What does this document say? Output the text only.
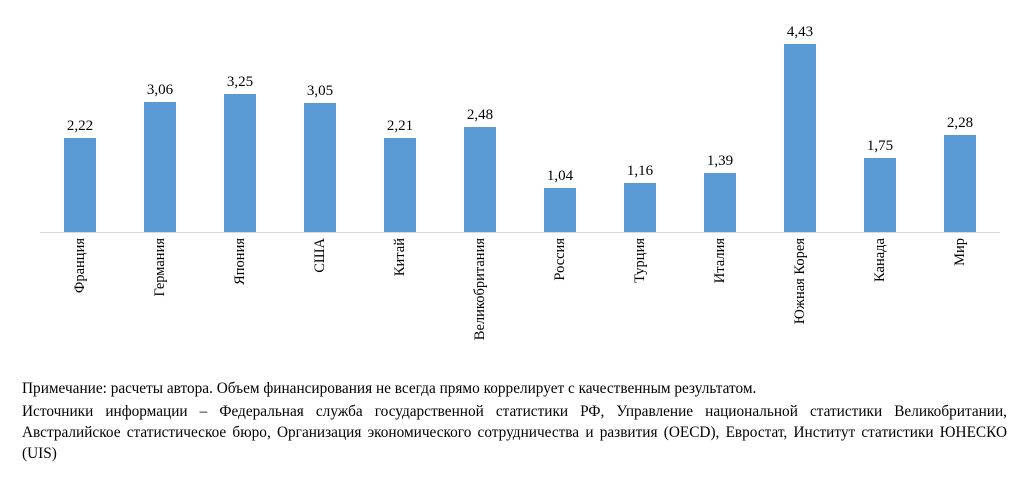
2,22
Франция
3,06
Германия
3,25
Япония
3,05
США
2,21
Китай
2,48
Великобритания
1,04
Россия
1,16
Турция
1,39
Италия
4,43
Южная Корея
1,75
Канада
2,28
Мир

Примечание: расчеты автора. Объем финансирования не всегда прямо коррелирует с качественным результатом.

Источники информации – Федеральная служба государственной статистики РФ, Управление национальной статистики Великобритании, Австралийское статистическое бюро, Организация экономического сотрудничества и развития (OECD), Евростат, Институт статистики ЮНЕСКО (UIS)
